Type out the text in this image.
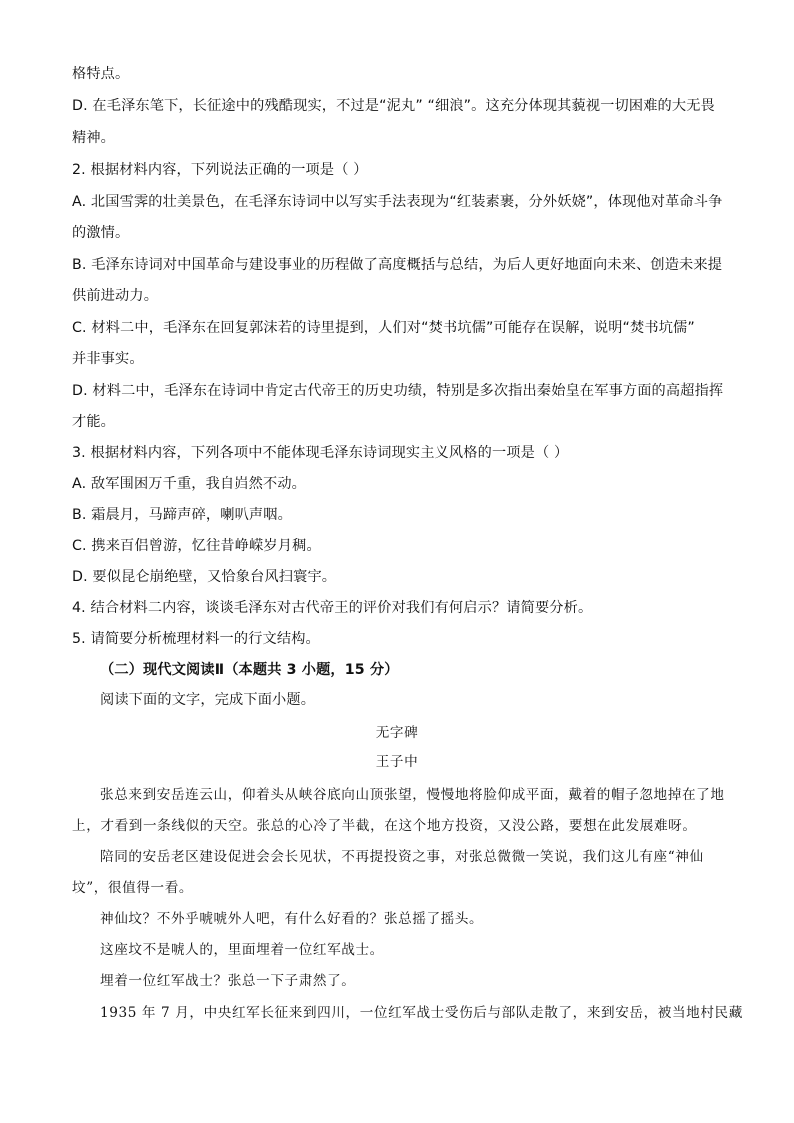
格特点。
D. 在毛泽东笔下，长征途中的残酷现实，不过是“泥丸” “细浪”。这充分体现其藐视一切困难的大无畏
精神。
2. 根据材料内容，下列说法正确的一项是（ ）
A. 北国雪霁的壮美景色，在毛泽东诗词中以写实手法表现为“红装素裹，分外妖娆”，体现他对革命斗争
的激情。
B. 毛泽东诗词对中国革命与建设事业的历程做了高度概括与总结，为后人更好地面向未来、创造未来提
供前进动力。
C. 材料二中，毛泽东在回复郭沫若的诗里提到，人们对“焚书坑儒”可能存在误解，说明“焚书坑儒”
并非事实。
D. 材料二中，毛泽东在诗词中肯定古代帝王的历史功绩，特别是多次指出秦始皇在军事方面的高超指挥
才能。
3. 根据材料内容，下列各项中不能体现毛泽东诗词现实主义风格的一项是（ ）
A. 敌军围困万千重，我自岿然不动。
B. 霜晨月，马蹄声碎，喇叭声咽。
C. 携来百侣曾游，忆往昔峥嵘岁月稠。
D. 要似昆仑崩绝壁，又恰象台风扫寰宇。
4. 结合材料二内容，谈谈毛泽东对古代帝王的评价对我们有何启示？请简要分析。
5. 请简要分析梳理材料一的行文结构。
（二）现代文阅读Ⅱ（本题共 3 小题，15 分）
阅读下面的文字，完成下面小题。
无字碑
王子中
张总来到安岳连云山，仰着头从峡谷底向山顶张望，慢慢地将脸仰成平面，戴着的帽子忽地掉在了地
上，才看到一条线似的天空。张总的心冷了半截，在这个地方投资，又没公路，要想在此发展难呀。
陪同的安岳老区建设促进会会长见状，不再提投资之事，对张总微微一笑说，我们这儿有座“神仙
坟”，很值得一看。
神仙坟？不外乎唬唬外人吧，有什么好看的？张总摇了摇头。
这座坟不是唬人的，里面埋着一位红军战士。
埋着一位红军战士？张总一下子肃然了。
1935 年 7 月，中央红军长征来到四川，一位红军战士受伤后与部队走散了，来到安岳，被当地村民藏
